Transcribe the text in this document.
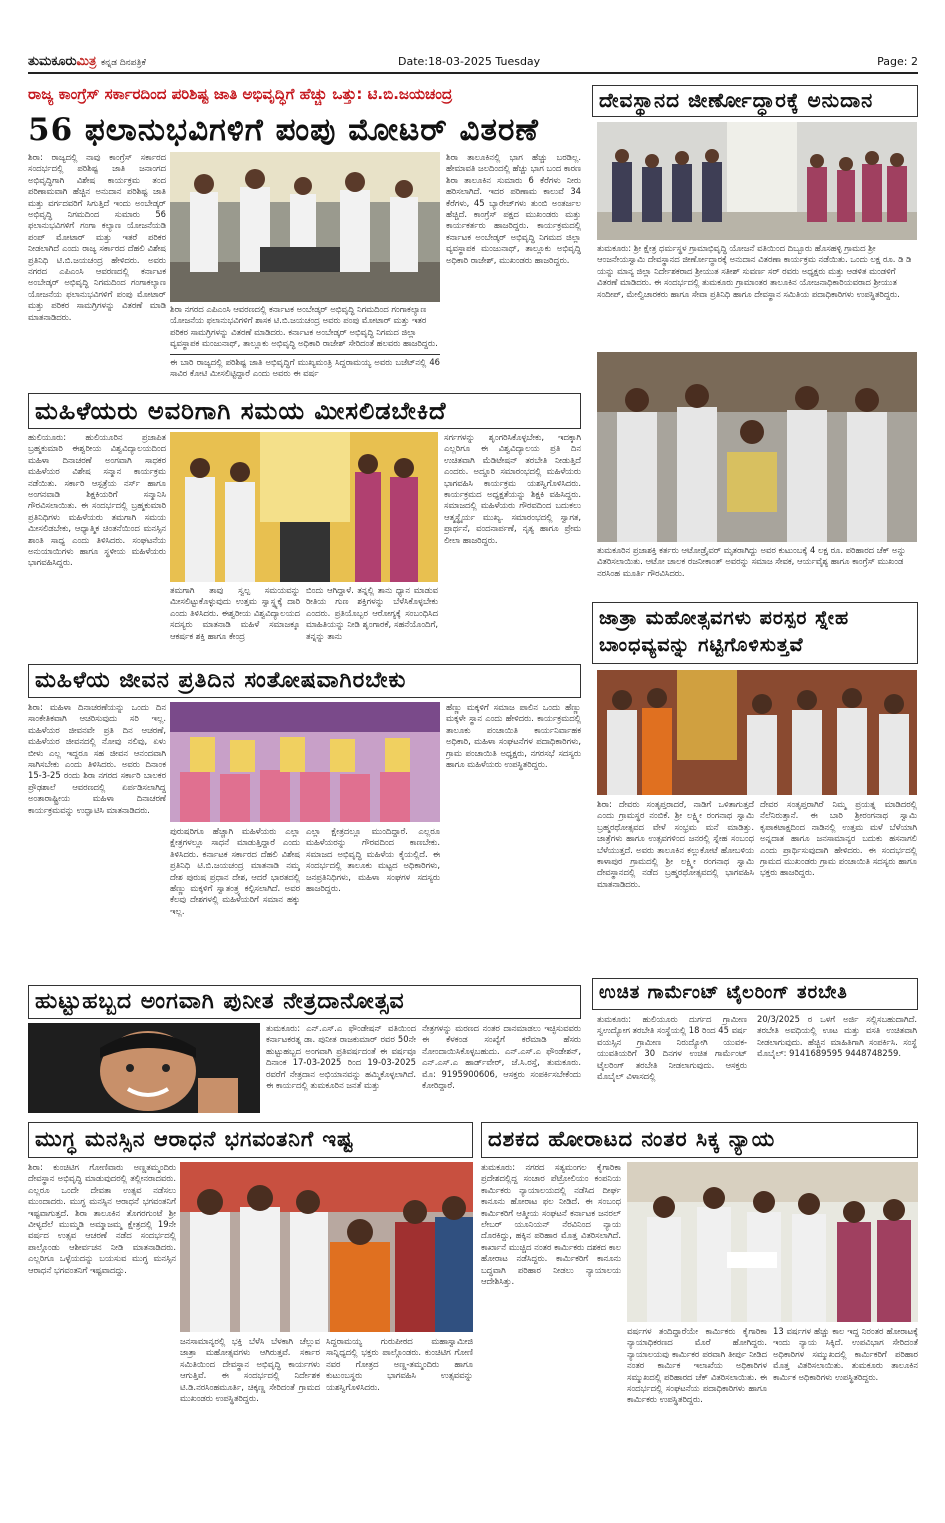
ತುಮಕೂರುಮಿತ್ರ ಕನ್ನಡ ದಿನಪತ್ರಿಕೆ	Date:18-03-2025 Tuesday	Page: 2
ರಾಜ್ಯ ಕಾಂಗ್ರೆಸ್ ಸರ್ಕಾರದಿಂದ ಪರಿಶಿಷ್ಟ ಜಾತಿ ಅಭಿವೃದ್ಧಿಗೆ ಹೆಚ್ಚು ಒತ್ತು: ಟಿ.ಬಿ.ಜಯಚಂದ್ರ
56 ಫಲಾನುಭವಿಗಳಿಗೆ ಪಂಪು ಮೋಟರ್ ವಿತರಣೆ
ಶಿರಾ: ರಾಜ್ಯದಲ್ಲಿ ನಾವು ಕಾಂಗ್ರೆಸ್ ಸರ್ಕಾರದ ಸಂದರ್ಭದಲ್ಲಿ ಪರಿಶಿಷ್ಟ ಜಾತಿ ಜನಾಂಗದ ಅಭಿವೃದ್ಧಿಗಾಗಿ ವಿಶೇಷ ಕಾರ್ಯಕ್ರಮ ತಂದ ಪರಿಣಾಮವಾಗಿ ಹೆಚ್ಚಿನ ಅನುದಾನ ಪರಿಶಿಷ್ಟ ಜಾತಿ ಮತ್ತು ವರ್ಗದವರಿಗೆ ಸಿಗುತ್ತಿದೆ ಇಂದು ಅಂಬೇಡ್ಕರ್ ಅಭಿವೃದ್ಧಿ ನಿಗಮದಿಂದ ಸುಮಾರು 56 ಫಲಾನುಭವಿಗಳಿಗೆ ಗಂಗಾ ಕಲ್ಯಾಣ ಯೋಜನೆಯಡಿ ಪಂಪ್ ಮೋಟಾರ್ ಮತ್ತು ಇತರೆ ಪರಿಕರ ನೀಡಲಾಗಿದೆ ಎಂದು ರಾಜ್ಯ ಸರ್ಕಾರದ ದೆಹಲಿ ವಿಶೇಷ ಪ್ರತಿನಿಧಿ ಟಿ.ಬಿ.ಜಯಚಂದ್ರ ಹೇಳಿದರು. ಅವರು ನಗರದ ಎಪಿಎಂಸಿ ಆವರಣದಲ್ಲಿ ಕರ್ನಾಟಕ ಅಂಬೇಡ್ಕರ್ ಅಭಿವೃದ್ಧಿ ನಿಗಮದಿಂದ ಗಂಗಾಕಲ್ಯಾಣ ಯೋಜನೆಯ ಫಲಾನುಭವಿಗಳಿಗೆ ಪಂಪು ಮೋಟಾರ್ ಮತ್ತು ಪರಿಕರ ಸಾಮಗ್ರಿಗಳನ್ನು ವಿತರಣೆ ಮಾಡಿ ಮಾತನಾಡಿದರು.
ಶಿರಾ ನಗರದ ಎಪಿಎಂಸಿ ಆವರಣದಲ್ಲಿ ಕರ್ನಾಟಕ ಅಂಬೇಡ್ಕರ್ ಅಭಿವೃದ್ಧಿ ನಿಗಮದಿಂದ ಗಂಗಾಕಲ್ಯಾಣ ಯೋಜನೆಯ ಫಲಾನುಭವಿಗಳಿಗೆ ಶಾಸಕ ಟಿ.ಬಿ.ಜಯಚಂದ್ರ ಅವರು ಪಂಪು ಮೋಟಾರ್ ಮತ್ತು ಇತರ ಪರಿಕರ ಸಾಮಗ್ರಿಗಳನ್ನು ವಿತರಣೆ ಮಾಡಿದರು. ಕರ್ನಾಟಕ ಅಂಬೇಡ್ಕರ್ ಅಭಿವೃದ್ಧಿ ನಿಗಮದ ಜಿಲ್ಲಾ ವ್ಯವಸ್ಥಾಪಕ ಮಂಜುನಾಥ್, ತಾಲ್ಲೂಕು ಅಭಿವೃದ್ಧಿ ಅಧಿಕಾರಿ ರಾಜೇಶ್ ಸೇರಿದಂತೆ ಹಲವರು ಹಾಜರಿದ್ದರು.
ಈ ಬಾರಿ ರಾಜ್ಯದಲ್ಲಿ ಪರಿಶಿಷ್ಟ ಜಾತಿ ಅಭಿವೃದ್ಧಿಗೆ ಮುಖ್ಯಮಂತ್ರಿ ಸಿದ್ದರಾಮಯ್ಯ ಅವರು ಬಜೆಟ್‌ನಲ್ಲಿ 46 ಸಾವಿರ ಕೋಟಿ ಮೀಸಲಿಟ್ಟಿದ್ದಾರೆ ಎಂದು ಅವರು ಈ ವರ್ಷ
ಶಿರಾ ತಾಲೂಕಿನಲ್ಲಿ ಭಾಗ ಹೆಚ್ಚು ಬರಡಿಲ್ಲ. ಹೇಮಾವತಿ ಜಲದಿಂದಲ್ಲಿ ಹೆಚ್ಚು ಭಾಗ ಬಂದ ಕಾರಣ ಶಿರಾ ತಾಲೂಕಿನ ಸುಮಾರು 6 ಕೆರೆಗಳು ನೀರು ಹರಿಸಲಾಗಿದೆ. ಇದರ ಪರಿಣಾಮ ಕಾಲುವೆ 34 ಕೆರೆಗಳು, 45 ಬ್ಯಾರೇಜ್‌ಗಳು ತುಂಬಿ ಅಂತರ್ಜಲ ಹೆಚ್ಚಿದೆ. ಕಾಂಗ್ರೆಸ್ ಪಕ್ಷದ ಮುಖಂಡರು ಮತ್ತು ಕಾರ್ಯಕರ್ತರು ಹಾಜರಿದ್ದರು. ಕಾರ್ಯಕ್ರಮದಲ್ಲಿ ಕರ್ನಾಟಕ ಅಂಬೇಡ್ಕರ್ ಅಭಿವೃದ್ಧಿ ನಿಗಮದ ಜಿಲ್ಲಾ ವ್ಯವಸ್ಥಾಪಕ ಮಂಜುನಾಥ್, ತಾಲ್ಲೂಕು ಅಭಿವೃದ್ಧಿ ಅಧಿಕಾರಿ ರಾಜೇಶ್, ಮುಖಂಡರು ಹಾಜರಿದ್ದರು.
ದೇವಸ್ಥಾನದ ಜೀರ್ಣೋದ್ಧಾರಕ್ಕೆ ಅನುದಾನ
ತುಮಕೂರು: ಶ್ರೀ ಕ್ಷೇತ್ರ ಧರ್ಮಸ್ಥಳ ಗ್ರಾಮಾಭಿವೃದ್ಧಿ ಯೋಜನೆ ವತಿಯಿಂದ ದಿಬ್ಬೂರು ಹೊಸಹಳ್ಳಿ ಗ್ರಾಮದ ಶ್ರೀ ಆಂಜನೇಯಸ್ವಾಮಿ ದೇವಸ್ಥಾನದ ಜೀರ್ಣೋದ್ಧಾರಕ್ಕೆ ಅನುದಾನ ವಿತರಣಾ ಕಾರ್ಯಕ್ರಮ ನಡೆಯಿತು. ಒಂದು ಲಕ್ಷ ರೂ. ಡಿ ಡಿ ಯನ್ನು ಮಾನ್ಯ ಜಿಲ್ಲಾ ನಿರ್ದೇಶಕರಾದ ಶ್ರೀಯುತ ಸತೀಶ್ ಸುವರ್ಣ ಸರ್ ರವರು ಅಧ್ಯಕ್ಷರು ಮತ್ತು ಆಡಳಿತ ಮಂಡಳಿಗೆ ವಿತರಣೆ ಮಾಡಿದರು. ಈ ಸಂದರ್ಭದಲ್ಲಿ ತುಮಕೂರು ಗ್ರಾಮಾಂತರ ತಾಲೂಕಿನ ಯೋಜನಾಧಿಕಾರಿಯವರಾದ ಶ್ರೀಯುತ ಸಂದೀಪ್, ಮೇಲ್ವಿಚಾರಕರು ಹಾಗೂ ಸೇವಾ ಪ್ರತಿನಿಧಿ ಹಾಗೂ ದೇವಸ್ಥಾನ ಸಮಿತಿಯ ಪದಾಧಿಕಾರಿಗಳು ಉಪಸ್ಥಿತರಿದ್ದರು.
ತುಮಕೂರಿನ ಪ್ರಜಾಶಕ್ತಿ ಕರ್ತರು ಆಟೋಡ್ರೈವರ್ ಮೃತರಾಗಿದ್ದು ಅವರ ಕುಟುಂಬಕ್ಕೆ 4 ಲಕ್ಷ ರೂ. ಪರಿಹಾರದ ಚೆಕ್ ಅನ್ನು ವಿತರಿಸಲಾಯಿತು. ಆಟೋ ಚಾಲಕ ರಜನೀಕಾಂತ್ ಅವರನ್ನು ಸಮಾಜ ಸೇವಕ, ಆರ್ಯವೈಶ್ಯ ಹಾಗೂ ಕಾಂಗ್ರೆಸ್ ಮುಖಂಡ ನರಸಿಂಹ ಮೂರ್ತಿ ಗೌರವಿಸಿದರು.
ಮಹಿಳೆಯರು ಅವರಿಗಾಗಿ ಸಮಯ ಮೀಸಲಿಡಬೇಕಿದೆ
ಹುಲಿಯೂರು: ಹುಲಿಯೂರಿನ ಪ್ರಜಾಪಿತ ಬ್ರಹ್ಮಕುಮಾರಿ ಈಶ್ವರೀಯ ವಿಶ್ವವಿದ್ಯಾಲಯದಿಂದ ಮಹಿಳಾ ದಿನಾಚರಣೆ ಅಂಗವಾಗಿ ಸಾಧಕರ ಮಹಿಳೆಯರ ವಿಶೇಷ ಸನ್ಮಾನ ಕಾರ್ಯಕ್ರಮ ನಡೆಯಿತು. ಸರ್ಕಾರಿ ಆಸ್ಪತ್ರೆಯ ನರ್ಸ್ ಹಾಗೂ ಅಂಗನವಾಡಿ ಶಿಕ್ಷಕಿಯರಿಗೆ ಸನ್ಮಾನಿಸಿ ಗೌರವಿಸಲಾಯಿತು. ಈ ಸಂದರ್ಭದಲ್ಲಿ ಬ್ರಹ್ಮಕುಮಾರಿ ಪ್ರತಿನಿಧಿಗಳು ಮಹಿಳೆಯರು ತಮಗಾಗಿ ಸಮಯ ಮೀಸಲಿಡಬೇಕು, ಆಧ್ಯಾತ್ಮಿಕ ಚಿಂತನೆಯಿಂದ ಮನಸ್ಸಿನ ಶಾಂತಿ ಸಾಧ್ಯ ಎಂದು ತಿಳಿಸಿದರು. ಸಂಘಟನೆಯ ಅನುಯಾಯಿಗಳು ಹಾಗೂ ಸ್ಥಳೀಯ ಮಹಿಳೆಯರು ಭಾಗವಹಿಸಿದ್ದರು.
ತಮಗಾಗಿ ತಾವು ಸ್ವಲ್ಪ ಸಮಯವನ್ನು ಮೀಸಲಿಟ್ಟುಕೊಳ್ಳುವುದು ಉತ್ತಮ ಸ್ವಾಸ್ಥ್ಯಕ್ಕೆ ದಾರಿ ಎಂದು ತಿಳಿಸಿದರು. ಈಶ್ವರೀಯ ವಿಶ್ವವಿದ್ಯಾಲಯದ ಸದಸ್ಯರು ಮಾತನಾಡಿ ಮಹಿಳೆ ಸಮಾಜಕ್ಕೂ ಆಕರ್ಷಕ ಶಕ್ತಿ ಹಾಗೂ ಕೇಂದ್ರ
ಬಿಂದು ಆಗಿದ್ದಾಳೆ. ತನ್ನಲ್ಲಿ ತಾನು ಧ್ಯಾನ ಮಾಡುವ ರೀತಿಯ ಗುಣ ಶಕ್ತಿಗಳನ್ನು ಬೆಳೆಸಿಕೊಳ್ಳಬೇಕು ಎಂದರು. ಪ್ರತಿಯೊಬ್ಬರ ಆರೋಗ್ಯಕ್ಕೆ ಸಂಬಂಧಿಸಿದ ಮಾಹಿತಿಯನ್ನು ನೀಡಿ ಶೃಂಗಾರಕೆ, ಸಹನೆಯೊಂದಿಗೆ, ತನ್ನನ್ನು ತಾನು
ಸರ್ಗಗಳನ್ನು ಶೃಂಗರಿಸಿಕೊಳ್ಳಬೇಕು, ಇದಕ್ಕಾಗಿ ಎಲ್ಲರಿಗೂ ಈ ವಿಶ್ವವಿದ್ಯಾಲಯ ಪ್ರತಿ ದಿನ ಉಚಿತವಾಗಿ ಮೆಡಿಟೇಷನ್ ತರಬೇತಿ ನೀಡುತ್ತಿದೆ ಎಂದರು. ಅದ್ದೂರಿ ಸಮಾರಂಭದಲ್ಲಿ ಮಹಿಳೆಯರು ಭಾಗವಹಿಸಿ ಕಾರ್ಯಕ್ರಮ ಯಶಸ್ವಿಗೊಳಿಸಿದರು. ಕಾರ್ಯಕ್ರಮದ ಅಧ್ಯಕ್ಷತೆಯನ್ನು ಶಿಕ್ಷಕಿ ವಹಿಸಿದ್ದರು. ಸಮಾಜದಲ್ಲಿ ಮಹಿಳೆಯರು ಗೌರವದಿಂದ ಬದುಕಲು ಆತ್ಮಸ್ಥೈರ್ಯ ಮುಖ್ಯ. ಸಮಾರಂಭದಲ್ಲಿ ಸ್ವಾಗತ, ಪ್ರಾರ್ಥನೆ, ವಂದನಾರ್ಪಣೆ, ನೃತ್ಯ ಹಾಗೂ ಪ್ರೇಮ ಲೀಲಾ ಹಾಜರಿದ್ದರು.
ಜಾತ್ರಾ ಮಹೋತ್ಸವಗಳು ಪರಸ್ಪರ ಸ್ನೇಹ ಬಾಂಧವ್ಯವನ್ನು ಗಟ್ಟಿಗೊಳಿಸುತ್ತವೆ
ಶಿರಾ: ದೇವರು ಸಂತೃಪ್ತರಾದರೆ, ನಾಡಿಗೆ ಒಳಿತಾಗುತ್ತದೆ ಎಂದು ಗ್ರಾಮಸ್ಥರ ನಂಬಿಕೆ. ಶ್ರೀ ಲಕ್ಷ್ಮೀ ರಂಗನಾಥ ಸ್ವಾಮಿ ಬ್ರಹ್ಮರಥೋತ್ಸವದ ವೇಳೆ ಸಂಭ್ರಮ ಮನೆ ಮಾಡಿತ್ತು. ಜಾತ್ರೆಗಳು ಹಾಗೂ ಉತ್ಸವಗಳಿಂದ ಜನರಲ್ಲಿ ಸ್ನೇಹ ಸಂಬಂಧ ಬೆಳೆಯುತ್ತದೆ. ಅವರು ತಾಲೂಕಿನ ಕಲ್ಲುಕೋಟೆ ಹೋಬಳಿಯ ಕಾಳಾಪುರ ಗ್ರಾಮದಲ್ಲಿ ಶ್ರೀ ಲಕ್ಷ್ಮೀ ರಂಗನಾಥ ಸ್ವಾಮಿ ದೇವಸ್ಥಾನದಲ್ಲಿ ನಡೆದ ಬ್ರಹ್ಮರಥೋತ್ಸವದಲ್ಲಿ ಭಾಗವಹಿಸಿ ಮಾತನಾಡಿದರು.
ದೇವರ ಸಂತೃಪ್ತರಾಗಿರೆ ನಿಮ್ಮ ಪ್ರಯತ್ನ ಮಾಡಿದರಲ್ಲಿ ನೆಲೆನಿರುತ್ತಾನೆ. ಈ ಬಾರಿ ಶ್ರೀರಂಗನಾಥ ಸ್ವಾಮಿ ಕೃಪಾಕಟಾಕ್ಷದಿಂದ ನಾಡಿನಲ್ಲಿ ಉತ್ತಮ ಮಳೆ ಬೆಳೆಯಾಗಿ ಅನ್ನದಾತ ಹಾಗೂ ಜನಸಾಮಾನ್ಯರ ಬದುಕು ಹಸನಾಗಲಿ ಎಂದು ಪ್ರಾರ್ಥಿಸುವುದಾಗಿ ಹೇಳಿದರು. ಈ ಸಂದರ್ಭದಲ್ಲಿ ಗ್ರಾಮದ ಮುಖಂಡರು ಗ್ರಾಮ ಪಂಚಾಯಿತಿ ಸದಸ್ಯರು ಹಾಗೂ ಭಕ್ತರು ಹಾಜರಿದ್ದರು.
ಮಹಿಳೆಯ ಜೀವನ ಪ್ರತಿದಿನ ಸಂತೋಷವಾಗಿರಬೇಕು
ಶಿರಾ: ಮಹಿಳಾ ದಿನಾಚರಣೆಯನ್ನು ಒಂದು ದಿನ ಸಾಂಕೇತಿಕವಾಗಿ ಆಚರಿಸುವುದು ಸರಿ ಇಲ್ಲ. ಮಹಿಳೆಯರ ಜೀವನವೇ ಪ್ರತಿ ದಿನ ಆಚರಣೆ, ಮಹಿಳೆಯರ ಜೀವನದಲ್ಲಿ ನೋವು ನಲಿವು, ಏಳು ಬೀಳು ಎಲ್ಲ ಇದ್ದರೂ ಸಹ ಜೀವನ ಆನಂದವಾಗಿ ಸಾಗಿಸಬೇಕು ಎಂದು ತಿಳಿಸಿದರು. ಅವರು ದಿನಾಂಕ 15-3-25 ರಂದು ಶಿರಾ ನಗರದ ಸರ್ಕಾರಿ ಬಾಲಕರ ಪ್ರೌಢಶಾಲೆ ಆವರಣದಲ್ಲಿ ಏರ್ಪಡಿಸಲಾಗಿದ್ದ ಅಂತಾರಾಷ್ಟ್ರೀಯ ಮಹಿಳಾ ದಿನಾಚರಣೆ ಕಾರ್ಯಕ್ರಮವನ್ನು ಉದ್ಘಾಟಿಸಿ ಮಾತನಾಡಿದರು.
ಪುರುಷರಿಗೂ ಹೆಚ್ಚಾಗಿ ಮಹಿಳೆಯರು ಎಲ್ಲಾ ಕ್ಷೇತ್ರಗಳಲ್ಲೂ ಸಾಧನೆ ಮಾಡುತ್ತಿದ್ದಾರೆ ಎಂದು ತಿಳಿಸಿದರು. ಕರ್ನಾಟಕ ಸರ್ಕಾರದ ದೆಹಲಿ ವಿಶೇಷ ಪ್ರತಿನಿಧಿ ಟಿ.ಬಿ.ಜಯಚಂದ್ರ ಮಾತನಾಡಿ ನಮ್ಮ ದೇಶ ಪುರುಷ ಪ್ರಧಾನ ದೇಶ, ಆದರೆ ಭಾರತದಲ್ಲಿ ಹೆಣ್ಣು ಮಕ್ಕಳಿಗೆ ಸ್ವಾತಂತ್ರ್ಯ ಕಲ್ಪಿಸಲಾಗಿದೆ. ಅವರ ಕೆಲವು ದೇಶಗಳಲ್ಲಿ ಮಹಿಳೆಯರಿಗೆ ಸಮಾನ ಹಕ್ಕು ಇಲ್ಲ.
ಎಲ್ಲಾ ಕ್ಷೇತ್ರದಲ್ಲೂ ಮುಂದಿದ್ದಾರೆ. ಎಲ್ಲರೂ ಮಹಿಳೆಯರನ್ನು ಗೌರವದಿಂದ ಕಾಣಬೇಕು. ಸಮಾಜದ ಅಭಿವೃದ್ಧಿ ಮಹಿಳೆಯ ಕೈಯಲ್ಲಿದೆ. ಈ ಸಂದರ್ಭದಲ್ಲಿ ತಾಲೂಕು ಮಟ್ಟದ ಅಧಿಕಾರಿಗಳು, ಜನಪ್ರತಿನಿಧಿಗಳು, ಮಹಿಳಾ ಸಂಘಗಳ ಸದಸ್ಯರು ಹಾಜರಿದ್ದರು.
ಹೆಣ್ಣು ಮಕ್ಕಳಿಗೆ ಸಮಾಜ ಪಾಲಿನ ಒಂದು ಹೆಣ್ಣು ಮಕ್ಕಳೇ ಸ್ಥಾನ ಎಂದು ಹೇಳಿದರು. ಕಾರ್ಯಕ್ರಮದಲ್ಲಿ ತಾಲೂಕು ಪಂಚಾಯಿತಿ ಕಾರ್ಯನಿರ್ವಾಹಕ ಅಧಿಕಾರಿ, ಮಹಿಳಾ ಸಂಘಟನೆಗಳ ಪದಾಧಿಕಾರಿಗಳು, ಗ್ರಾಮ ಪಂಚಾಯಿತಿ ಅಧ್ಯಕ್ಷರು, ನಗರಸಭೆ ಸದಸ್ಯರು ಹಾಗೂ ಮಹಿಳೆಯರು ಉಪಸ್ಥಿತರಿದ್ದರು.
ಹುಟ್ಟುಹಬ್ಬದ ಅಂಗವಾಗಿ ಪುನೀತ ನೇತ್ರದಾನೋತ್ಸವ
ತುಮಕೂರು: ಎನ್.ಎಸ್.ಎ ಫೌಂಡೇಷನ್ ವತಿಯಿಂದ ಕರ್ನಾಟಕರತ್ನ ಡಾ. ಪುನೀತ ರಾಜಕುಮಾರ್ ರವರ 50ನೇ ಹುಟ್ಟುಹಬ್ಬದ ಅಂಗವಾಗಿ ಪ್ರತಿವರ್ಷದಂತೆ ಈ ವರ್ಷವೂ ದಿನಾಂಕ 17-03-2025 ರಿಂದ 19-03-2025 ರವರೆಗೆ ನೇತ್ರದಾನ ಅಭಿಯಾನವನ್ನು ಹಮ್ಮಿಕೊಳ್ಳಲಾಗಿದೆ. ಈ ಕಾರ್ಯದಲ್ಲಿ ತುಮಕೂರಿನ ಜನತೆ ಮತ್ತು
ನೇತ್ರಗಳನ್ನು ಮರಣದ ನಂತರ ದಾನಮಾಡಲು ಇಚ್ಛಿಸುವವರು ಈ ಕೆಳಕಂಡ ಸಂಖ್ಯೆಗೆ ಕರೆಮಾಡಿ ಹೆಸರು ನೋಂದಾಯಿಸಿಕೊಳ್ಳಬಹುದು. ಎನ್.ಎಸ್.ಎ ಫೌಂಡೇಶನ್, ಎನ್.ಎಸ್.ಎ ಹಾರ್ಡ್‌ವೇರ್, ಜೆ.ಸಿ.ರಸ್ತೆ, ತುಮಕೂರು. ಮೊ: 9195900606, ಆಸಕ್ತರು ಸಂಪರ್ಕಿಸಬೇಕೆಂದು ಕೋರಿದ್ದಾರೆ.
ಉಚಿತ ಗಾರ್ಮೆಂಟ್ ಟೈಲರಿಂಗ್ ತರಬೇತಿ
ತುಮಕೂರು: ಹುಲಿಯೂರು ದುರ್ಗದ ಗ್ರಾಮೀಣ ಸ್ವಉದ್ಯೋಗ ತರಬೇತಿ ಸಂಸ್ಥೆಯಲ್ಲಿ 18 ರಿಂದ 45 ವರ್ಷ ವಯಸ್ಸಿನ ಗ್ರಾಮೀಣ ನಿರುದ್ಯೋಗಿ ಯುವಕ-ಯುವತಿಯರಿಗೆ 30 ದಿನಗಳ ಉಚಿತ ಗಾರ್ಮೆಂಟ್ ಟೈಲರಿಂಗ್ ತರಬೇತಿ ನೀಡಲಾಗುವುದು. ಆಸಕ್ತರು ಮೊಬೈಲ್ ವಿಳಾಸದಲ್ಲಿ
20/3/2025 ರ ಒಳಗೆ ಅರ್ಜಿ ಸಲ್ಲಿಸಬಹುದಾಗಿದೆ. ತರಬೇತಿ ಅವಧಿಯಲ್ಲಿ ಊಟ ಮತ್ತು ವಸತಿ ಉಚಿತವಾಗಿ ನೀಡಲಾಗುವುದು. ಹೆಚ್ಚಿನ ಮಾಹಿತಿಗಾಗಿ ಸಂಪರ್ಕಿಸಿ. ಸಂಸ್ಥೆ ಮೊಬೈಲ್: 9141689595 9448748259.
ಮುಗ್ಧ ಮನಸ್ಸಿನ ಆರಾಧನೆ ಭಗವಂತನಿಗೆ ಇಷ್ಟ
ಶಿರಾ: ಕುಂಚಿಟಿಗ ಗೋಣಿವಾರು ಅಣ್ಣತಮ್ಮಂದಿರು ದೇವಸ್ಥಾನ ಅಭಿವೃದ್ಧಿ ಮಾಡುವುದರಲ್ಲಿ ತಲ್ಲೀನರಾದವರು. ಎಲ್ಲರೂ ಒಂದೇ ದೇವತಾ ಉತ್ಸವ ನಡೆಸಲು ಮುಂದಾದರು. ಮುಗ್ಧ ಮನಸ್ಸಿನ ಆರಾಧನೆ ಭಗವಂತನಿಗೆ ಇಷ್ಟವಾಗುತ್ತದೆ. ಶಿರಾ ತಾಲೂಕಿನ ತೊಗರಗುಂಟೆ ಶ್ರೀ ವೀಳ್ಯದೆಲೆ ಮುಮ್ಮಡಿ ಅಮ್ಮಾಜಮ್ಮ ಕ್ಷೇತ್ರದಲ್ಲಿ 19ನೇ ವರ್ಷದ ಉತ್ಸವ ಆಚರಣೆ ನಡೆದ ಸಂದರ್ಭದಲ್ಲಿ ಪಾಲ್ಗೊಂಡು ಆಶೀರ್ವಚನ ನೀಡಿ ಮಾತನಾಡಿದರು. ಎಲ್ಲರಿಗೂ ಒಳ್ಳೆಯದನ್ನು ಬಯಸುವ ಮುಗ್ಧ ಮನಸ್ಸಿನ ಆರಾಧನೆ ಭಗವಂತನಿಗೆ ಇಷ್ಟವಾದದ್ದು.
ಜನಸಾಮಾನ್ಯರಲ್ಲಿ ಭಕ್ತಿ ಬೆಳೆಸಿ ಬೆಳಕಾಗಿ ಚೆಲ್ಲುವ ಜಾತ್ರಾ ಮಹೋತ್ಸವಗಳು ಆಗಿರುತ್ತವೆ. ಸರ್ಕಾರ ಸಮಿತಿಯಿಂದ ದೇವಸ್ಥಾನ ಅಭಿವೃದ್ಧಿ ಕಾರ್ಯಗಳು ಆಗುತ್ತಿವೆ. ಈ ಸಂದರ್ಭದಲ್ಲಿ ನಿರ್ದೇಶಕ ಟಿ.ಡಿ.ನರಸಿಂಹಮೂರ್ತಿ, ಚಿಕ್ಕಣ್ಣ ಸೇರಿದಂತೆ ಗ್ರಾಮದ ಮುಖಂಡರು ಉಪಸ್ಥಿತರಿದ್ದರು.
ಸಿದ್ದರಾಮಯ್ಯ ಗುರುಪೀಠದ ಮಹಾಸ್ವಾಮೀಜಿ ಸಾನ್ನಿಧ್ಯದಲ್ಲಿ ಭಕ್ತರು ಪಾಲ್ಗೊಂಡರು. ಕುಂಚಿಟಿಗ ಗೋಣಿ ನವರ ಗೋತ್ರದ ಅಣ್ಣ-ತಮ್ಮಂದಿರು ಹಾಗೂ ಕುಟುಂಬಸ್ಥರು ಭಾಗವಹಿಸಿ ಉತ್ಸವವನ್ನು ಯಶಸ್ವಿಗೊಳಿಸಿದರು.
ದಶಕದ ಹೋರಾಟದ ನಂತರ ಸಿಕ್ಕ ನ್ಯಾಯ
ತುಮಕೂರು: ನಗರದ ಸತ್ಯಮಂಗಲ ಕೈಗಾರಿಕಾ ಪ್ರದೇಶದಲ್ಲಿದ್ದ ಸಂಚಾರ ಪೆಟ್ರೋಲಿಯಂ ಕಂಪನಿಯ ಕಾರ್ಮಿಕರು ನ್ಯಾಯಾಲಯದಲ್ಲಿ ನಡೆಸಿದ ದೀರ್ಘ ಕಾನೂನು ಹೋರಾಟ ಫಲ ನೀಡಿದೆ. ಈ ಸಂಬಂಧ ಕಾರ್ಮಿಕರಿಗೆ ಆತ್ಮೀಯ ಸಂಘಟನೆ ಕರ್ನಾಟಕ ಜನರಲ್ ಲೇಬರ್ ಯೂನಿಯನ್ ನೆರವಿನಿಂದ ನ್ಯಾಯ ದೊರಕಿದ್ದು, ಹಕ್ಕಿನ ಪರಿಹಾರ ಮೊತ್ತ ವಿತರಿಸಲಾಗಿದೆ. ಕಾರ್ಖಾನೆ ಮುಚ್ಚಿದ ನಂತರ ಕಾರ್ಮಿಕರು ದಶಕದ ಕಾಲ ಹೋರಾಟ ನಡೆಸಿದ್ದರು. ಕಾರ್ಮಿಕರಿಗೆ ಕಾನೂನು ಬದ್ಧವಾಗಿ ಪರಿಹಾರ ನೀಡಲು ನ್ಯಾಯಾಲಯ ಆದೇಶಿಸಿತ್ತು.
ವರ್ಷಗಳ ತಂದಿದ್ದಾರೆಯೇ ಕಾರ್ಮಿಕರು ಕೈಗಾರಿಕಾ ನ್ಯಾಯಾಧಿಕರಣದ ಮೊರೆ ಹೋಗಿದ್ದರು. ನ್ಯಾಯಾಲಯವು ಕಾರ್ಮಿಕರ ಪರವಾಗಿ ತೀರ್ಪು ನೀಡಿದ ನಂತರ ಕಾರ್ಮಿಕ ಇಲಾಖೆಯ ಅಧಿಕಾರಿಗಳ ಸಮ್ಮುಖದಲ್ಲಿ ಪರಿಹಾರದ ಚೆಕ್ ವಿತರಿಸಲಾಯಿತು. ಈ ಸಂದರ್ಭದಲ್ಲಿ ಸಂಘಟನೆಯ ಪದಾಧಿಕಾರಿಗಳು ಹಾಗೂ ಕಾರ್ಮಿಕರು ಉಪಸ್ಥಿತರಿದ್ದರು.
13 ವರ್ಷಗಳ ಹೆಚ್ಚು ಕಾಲ ಇದ್ದ ನಿರಂತರ ಹೋರಾಟಕ್ಕೆ ಇಂದು ನ್ಯಾಯ ಸಿಕ್ಕಿದೆ. ಉಪವಿಭಾಗ ಸೇರಿದಂತೆ ಅಧಿಕಾರಿಗಳ ಸಮ್ಮುಖದಲ್ಲಿ ಕಾರ್ಮಿಕರಿಗೆ ಪರಿಹಾರ ಮೊತ್ತ ವಿತರಿಸಲಾಯಿತು. ತುಮಕೂರು ತಾಲೂಕಿನ ಕಾರ್ಮಿಕ ಅಧಿಕಾರಿಗಳು ಉಪಸ್ಥಿತರಿದ್ದರು.
